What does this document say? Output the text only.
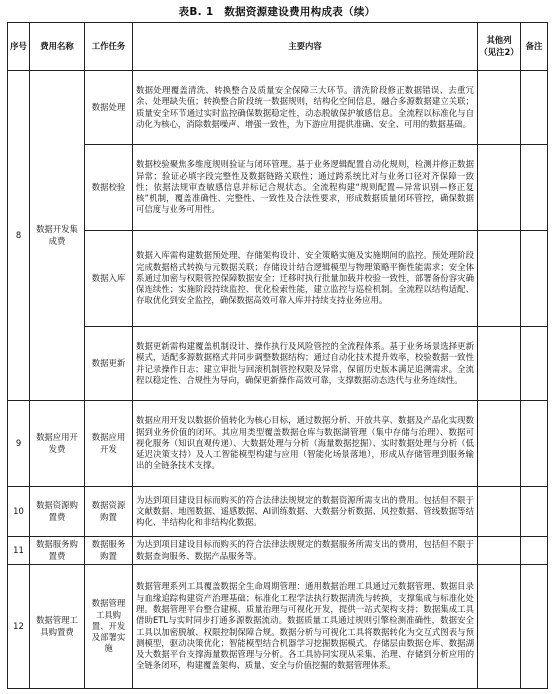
表B. 1　数据资源建设费用构成表（续）
序号	费用名称	工作任务	主要内容	其他列（见注2）	备注
8	数据开发集成费	数据处理	数据处理覆盖清洗、转换整合及质量安全保障三大环节。清洗阶段修正数据错误、去重冗余、处理缺失值；转换整合阶段统一数据规则，结构化空间信息，融合多源数据建立关联；质量安全环节通过实时监控确保数据稳定性，动态脱敏保护敏感信息。全流程以标准化与自动化为核心，消除数据噪声、增强一致性，为下游应用提供准确、安全、可用的数据基础。		
		数据校验	数据校验聚焦多维度规则验证与闭环管理。基于业务逻辑配置自动化规则，检测并修正数据异常；验证必填字段完整性及数据链路关联性；通过跨系统比对与业务口径对齐保障一致性；依据法规审查敏感信息并标记合规状态。全流程构建“规则配置—异常识别—修正复核”机制，覆盖准确性、完整性、一致性及合法性要求，形成数据质量闭环管控，确保数据可信度与业务可用性。		
		数据入库	数据入库需构建数据预处理、存储架构设计、安全策略实施及实施期间的监控。预处理阶段完成数据格式转换与元数据关联；存储设计结合逻辑模型与物理策略平衡性能需求；安全体系通过加密与权限管控保障数据安全；迁移时执行批量加载并校验一致性，部署备份容灾确保连续性；实施阶段持续监控、优化检索性能，建立监控与巡检机制。全流程以结构适配、存取优化到安全监控，确保数据高效可靠入库并持续支持业务应用。		
		数据更新	数据更新需构建覆盖机制设计、操作执行及风险管控的全流程体系。基于业务场景选择更新模式，适配多源数据格式并同步调整数据结构；通过自动化技术提升效率，校验数据一致性并记录操作日志；建立审批与回滚机制管控权限及异常，保留历史版本满足追溯需求。全流程以稳定性、合规性为导向，确保更新操作高效可靠，支撑数据动态迭代与业务连续性。		
9	数据应用开发费	数据应用开发	数据应用开发以数据价值转化为核心目标，通过数据分析、开放共享、数据及产品化实现数据到业务价值的闭环。其应用类型覆盖数据仓库与数据湖管理（集中存储与治理）、数据可视化服务（知识直观传递）、大数据处理与分析（海量数据挖掘）、实时数据处理与分析（低延迟决策支持）及人工智能模型构建与应用（智能化场景落地），形成从存储管理到服务输出的全链条技术支撑。		
10	数据资源购置费	数据资源购置	为达到项目建设目标而购买的符合法律法规规定的数据资源所需支出的费用。包括但不限于文献数据、地图数据、遥感数据、AI训练数据、大数据分析数据、风控数据、管线数据等结构化、半结构化和非结构化数据。		
11	数据服务购置费	数据服务购置	为达到项目建设目标而购买的符合法律法规规定的数据服务所需支出的费用，包括但不限于数据查询服务、数据产品服务等。		
12	数据管理工具购置费	数据管理工具购置、开发及部署实施	数据管理系列工具覆盖数据全生命周期管理：通用数据治理工具通过元数据管理、数据目录与血缘追踪构建资产治理基础；标准化工程学法执行数据清洗与转换，支撑集成与标准化处理。数据管理平台整合建模、质量治理与可视化开发，提供一站式架构支持；数据集成工具借助ETL与实时同步打通多源数据流动。数据质量工具通过规则引擎检测准确性，数据安全工具以加密脱敏、权限控制保障合规。数据分析与可视化工具将数据转化为交互式图表与预测模型，驱动决策优化；智能模型结合机器学习挖掘数据模式。存储层由数据仓库、数据湖及大数据平台支撑海量数据管理与分析。各工具协同实现从采集、治理、存储到分析应用的全链条闭环，构建覆盖架构、质量、安全与价值挖掘的数据管理体系。		
